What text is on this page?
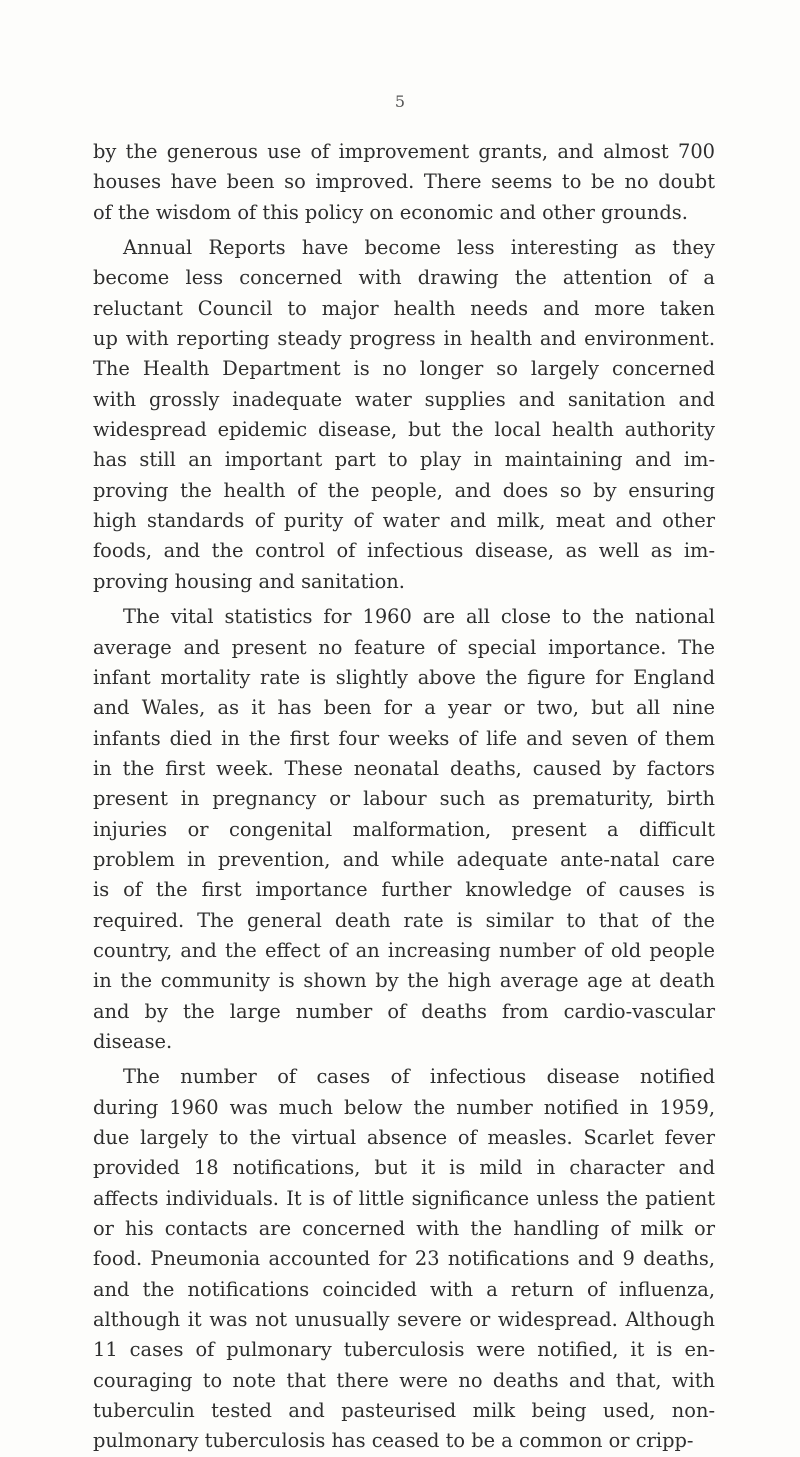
5
by the generous use of improvement grants, and almost 700
houses have been so improved. There seems to be no doubt
of the wisdom of this policy on economic and other grounds.
Annual Reports have become less interesting as they
become less concerned with drawing the attention of a
reluctant Council to major health needs and more taken
up with reporting steady progress in health and environment.
The Health Department is no longer so largely concerned
with grossly inadequate water supplies and sanitation and
widespread epidemic disease, but the local health authority
has still an important part to play in maintaining and im-
proving the health of the people, and does so by ensuring
high standards of purity of water and milk, meat and other
foods, and the control of infectious disease, as well as im-
proving housing and sanitation.
The vital statistics for 1960 are all close to the national
average and present no feature of special importance. The
infant mortality rate is slightly above the figure for England
and Wales, as it has been for a year or two, but all nine
infants died in the first four weeks of life and seven of them
in the first week. These neonatal deaths, caused by factors
present in pregnancy or labour such as prematurity, birth
injuries or congenital malformation, present a difficult
problem in prevention, and while adequate ante-natal care
is of the first importance further knowledge of causes is
required. The general death rate is similar to that of the
country, and the effect of an increasing number of old people
in the community is shown by the high average age at death
and by the large number of deaths from cardio-vascular
disease.
The number of cases of infectious disease notified
during 1960 was much below the number notified in 1959,
due largely to the virtual absence of measles. Scarlet fever
provided 18 notifications, but it is mild in character and
affects individuals. It is of little significance unless the patient
or his contacts are concerned with the handling of milk or
food. Pneumonia accounted for 23 notifications and 9 deaths,
and the notifications coincided with a return of influenza,
although it was not unusually severe or widespread. Although
11 cases of pulmonary tuberculosis were notified, it is en-
couraging to note that there were no deaths and that, with
tuberculin tested and pasteurised milk being used, non-
pulmonary tuberculosis has ceased to be a common or cripp-
